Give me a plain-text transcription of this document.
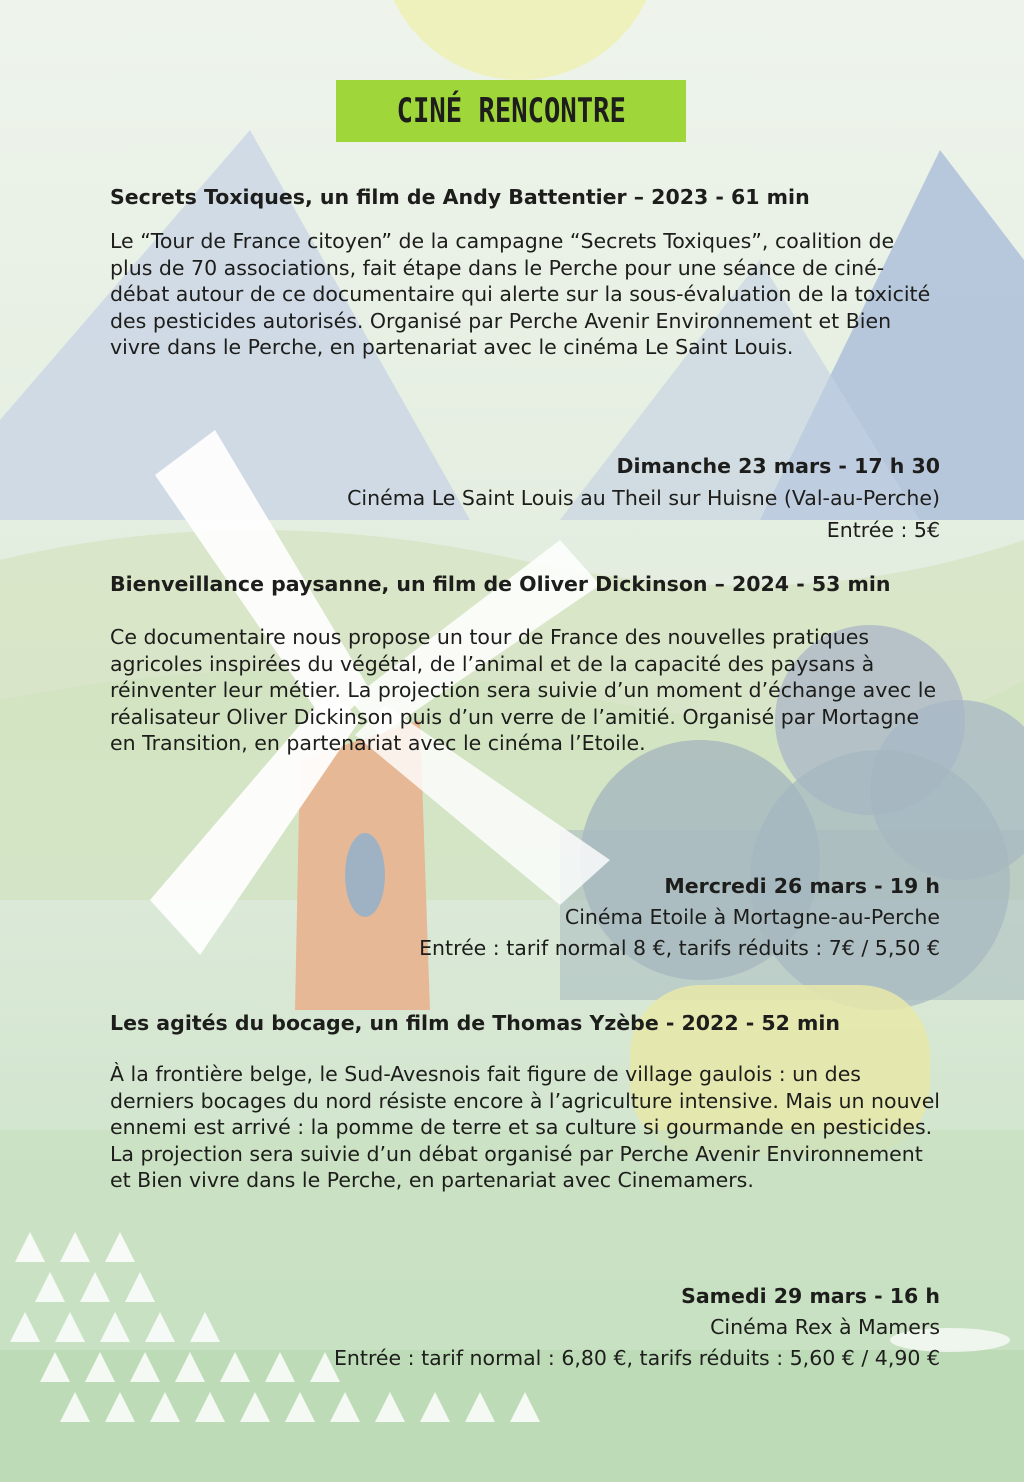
CINÉ RENCONTRE

Secrets Toxiques, un film de Andy Battentier – 2023 - 61 min

Le “Tour de France citoyen” de la campagne “Secrets Toxiques”, coalition de plus de 70 associations, fait étape dans le Perche pour une séance de ciné-débat autour de ce documentaire qui alerte sur la sous-évaluation de la toxicité des pesticides autorisés. Organisé par Perche Avenir Environnement et Bien vivre dans le Perche, en partenariat avec le cinéma Le Saint Louis.

Dimanche 23 mars - 17 h 30
Cinéma Le Saint Louis au Theil sur Huisne (Val-au-Perche)
Entrée : 5€

Bienveillance paysanne, un film de Oliver Dickinson – 2024 - 53 min

Ce documentaire nous propose un tour de France des nouvelles pratiques agricoles inspirées du végétal, de l’animal et de la capacité des paysans à réinventer leur métier. La projection sera suivie d’un moment d’échange avec le réalisateur Oliver Dickinson puis d’un verre de l’amitié. Organisé par Mortagne en Transition, en partenariat avec le cinéma l’Etoile.

Mercredi 26 mars - 19 h
Cinéma Etoile à Mortagne-au-Perche
Entrée : tarif normal 8 €, tarifs réduits : 7€ / 5,50 €

Les agités du bocage, un film de Thomas Yzèbe - 2022 - 52 min

À la frontière belge, le Sud-Avesnois fait figure de village gaulois : un des derniers bocages du nord résiste encore à l’agriculture intensive. Mais un nouvel ennemi est arrivé : la pomme de terre et sa culture si gourmande en pesticides. La projection sera suivie d’un débat organisé par Perche Avenir Environnement et Bien vivre dans le Perche, en partenariat avec Cinemamers.

Samedi 29 mars - 16 h
Cinéma Rex à Mamers
Entrée : tarif normal : 6,80 €, tarifs réduits : 5,60 € / 4,90 €
